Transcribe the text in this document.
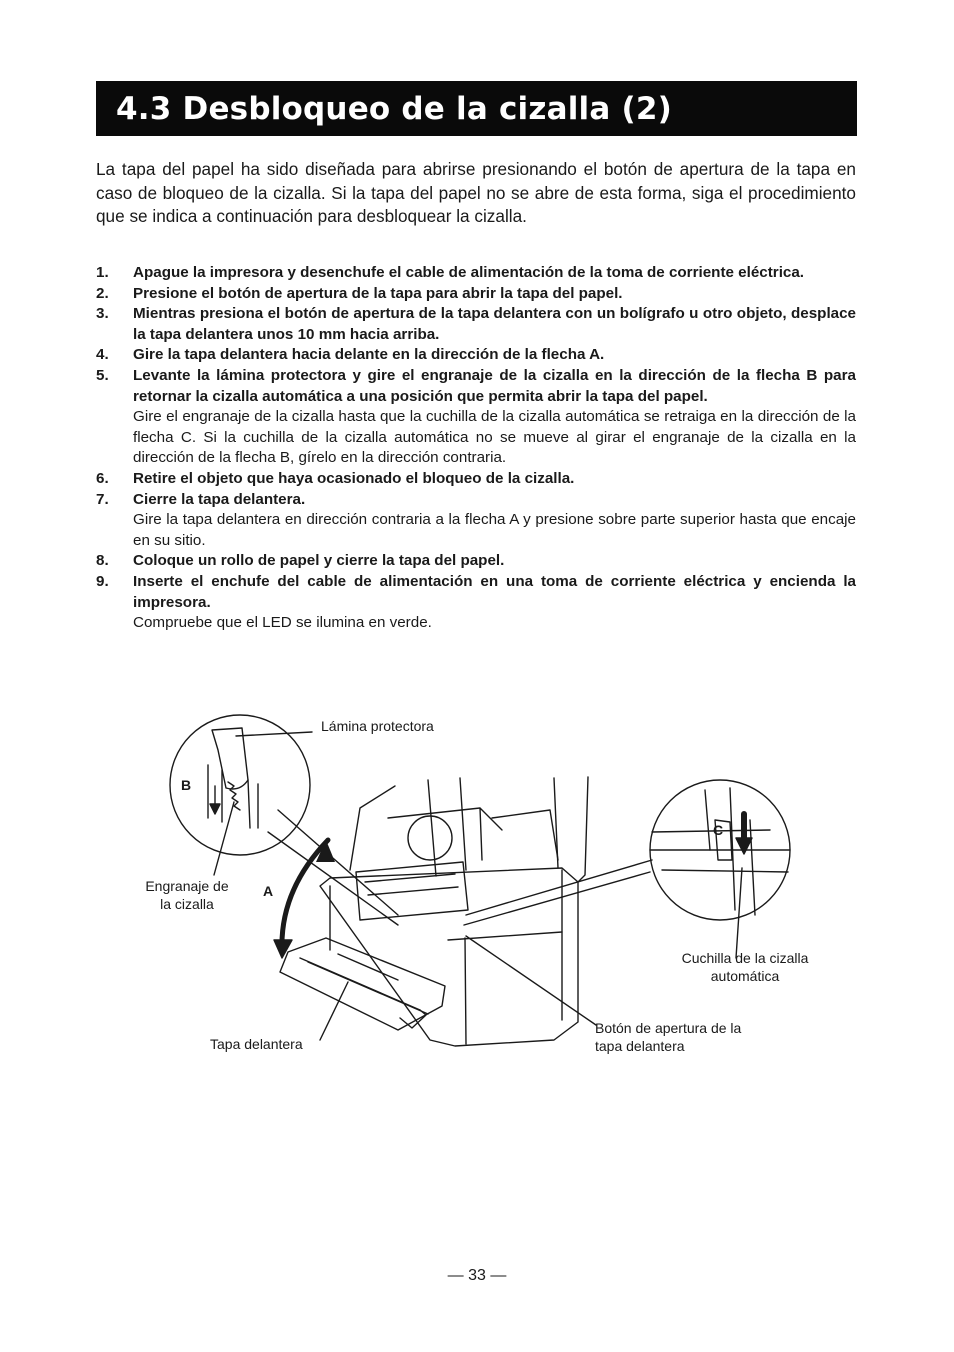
4.3 Desbloqueo de la cizalla (2)

La tapa del papel ha sido diseñada para abrirse presionando el botón de apertura de la tapa en caso de bloqueo de la cizalla. Si la tapa del papel no se abre de esta forma, siga el procedimiento que se indica a continuación para desbloquear la cizalla.

1. Apague la impresora y desenchufe el cable de alimentación de la toma de corriente eléctrica.
2. Presione el botón de apertura de la tapa para abrir la tapa del papel.
3. Mientras presiona el botón de apertura de la tapa delantera con un bolígrafo u otro objeto, desplace la tapa delantera unos 10 mm hacia arriba.
4. Gire la tapa delantera hacia delante en la dirección de la flecha A.
5. Levante la lámina protectora y gire el engranaje de la cizalla en la dirección de la flecha B para retornar la cizalla automática a una posición que permita abrir la tapa del papel.
Gire el engranaje de la cizalla hasta que la cuchilla de la cizalla automática se retraiga en la dirección de la flecha C. Si la cuchilla de la cizalla automática no se mueve al girar el engranaje de la cizalla en la dirección de la flecha B, gírelo en la dirección contraria.
6. Retire el objeto que haya ocasionado el bloqueo de la cizalla.
7. Cierre la tapa delantera.
Gire la tapa delantera en dirección contraria a la flecha A y presione sobre parte superior hasta que encaje en su sitio.
8. Coloque un rollo de papel y cierre la tapa del papel.
9. Inserte el enchufe del cable de alimentación en una toma de corriente eléctrica y encienda la impresora.
Compruebe que el LED se ilumina en verde.
Lámina protectora
B
A
C
Engranaje de
la cizalla
Tapa delantera
Botón de apertura de la
tapa delantera
Cuchilla de la cizalla
automática
— 33 —
